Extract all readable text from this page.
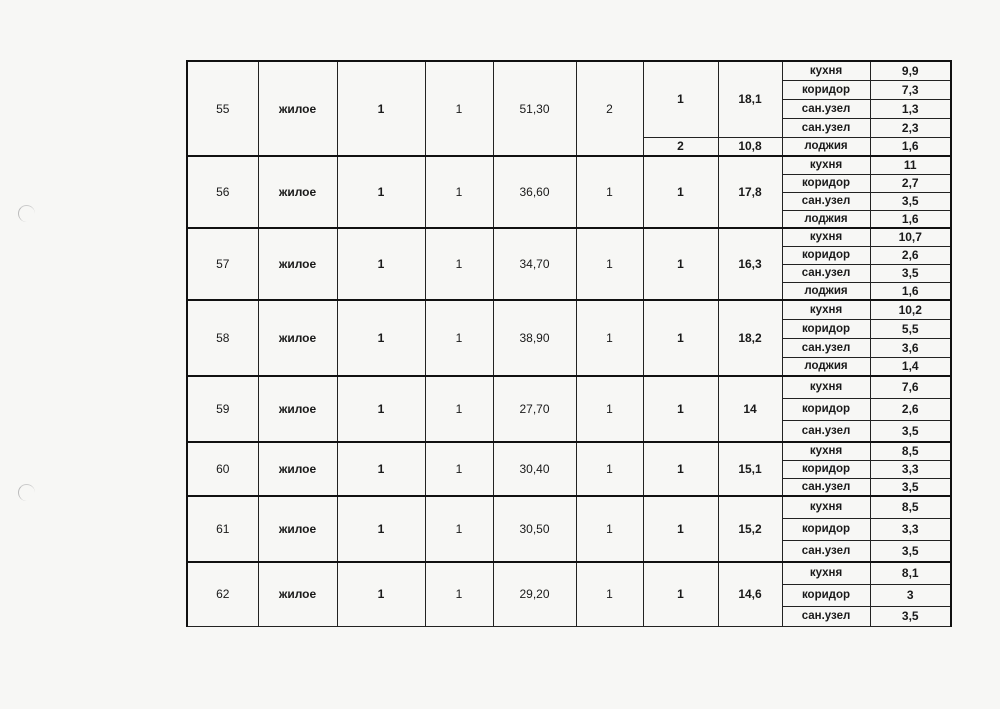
55	жилое	1	1	51,30	2	1	18,1	кухня	9,9
								коридор	7,3
								сан.узел	1,3
								сан.узел	2,3
						2	10,8	лоджия	1,6
56	жилое	1	1	36,60	1	1	17,8	кухня	11
								коридор	2,7
								сан.узел	3,5
								лоджия	1,6
57	жилое	1	1	34,70	1	1	16,3	кухня	10,7
								коридор	2,6
								сан.узел	3,5
								лоджия	1,6
58	жилое	1	1	38,90	1	1	18,2	кухня	10,2
								коридор	5,5
								сан.узел	3,6
								лоджия	1,4
59	жилое	1	1	27,70	1	1	14	кухня	7,6
								коридор	2,6
								сан.узел	3,5
60	жилое	1	1	30,40	1	1	15,1	кухня	8,5
								коридор	3,3
								сан.узел	3,5
61	жилое	1	1	30,50	1	1	15,2	кухня	8,5
								коридор	3,3
								сан.узел	3,5
62	жилое	1	1	29,20	1	1	14,6	кухня	8,1
								коридор	3
								сан.узел	3,5
